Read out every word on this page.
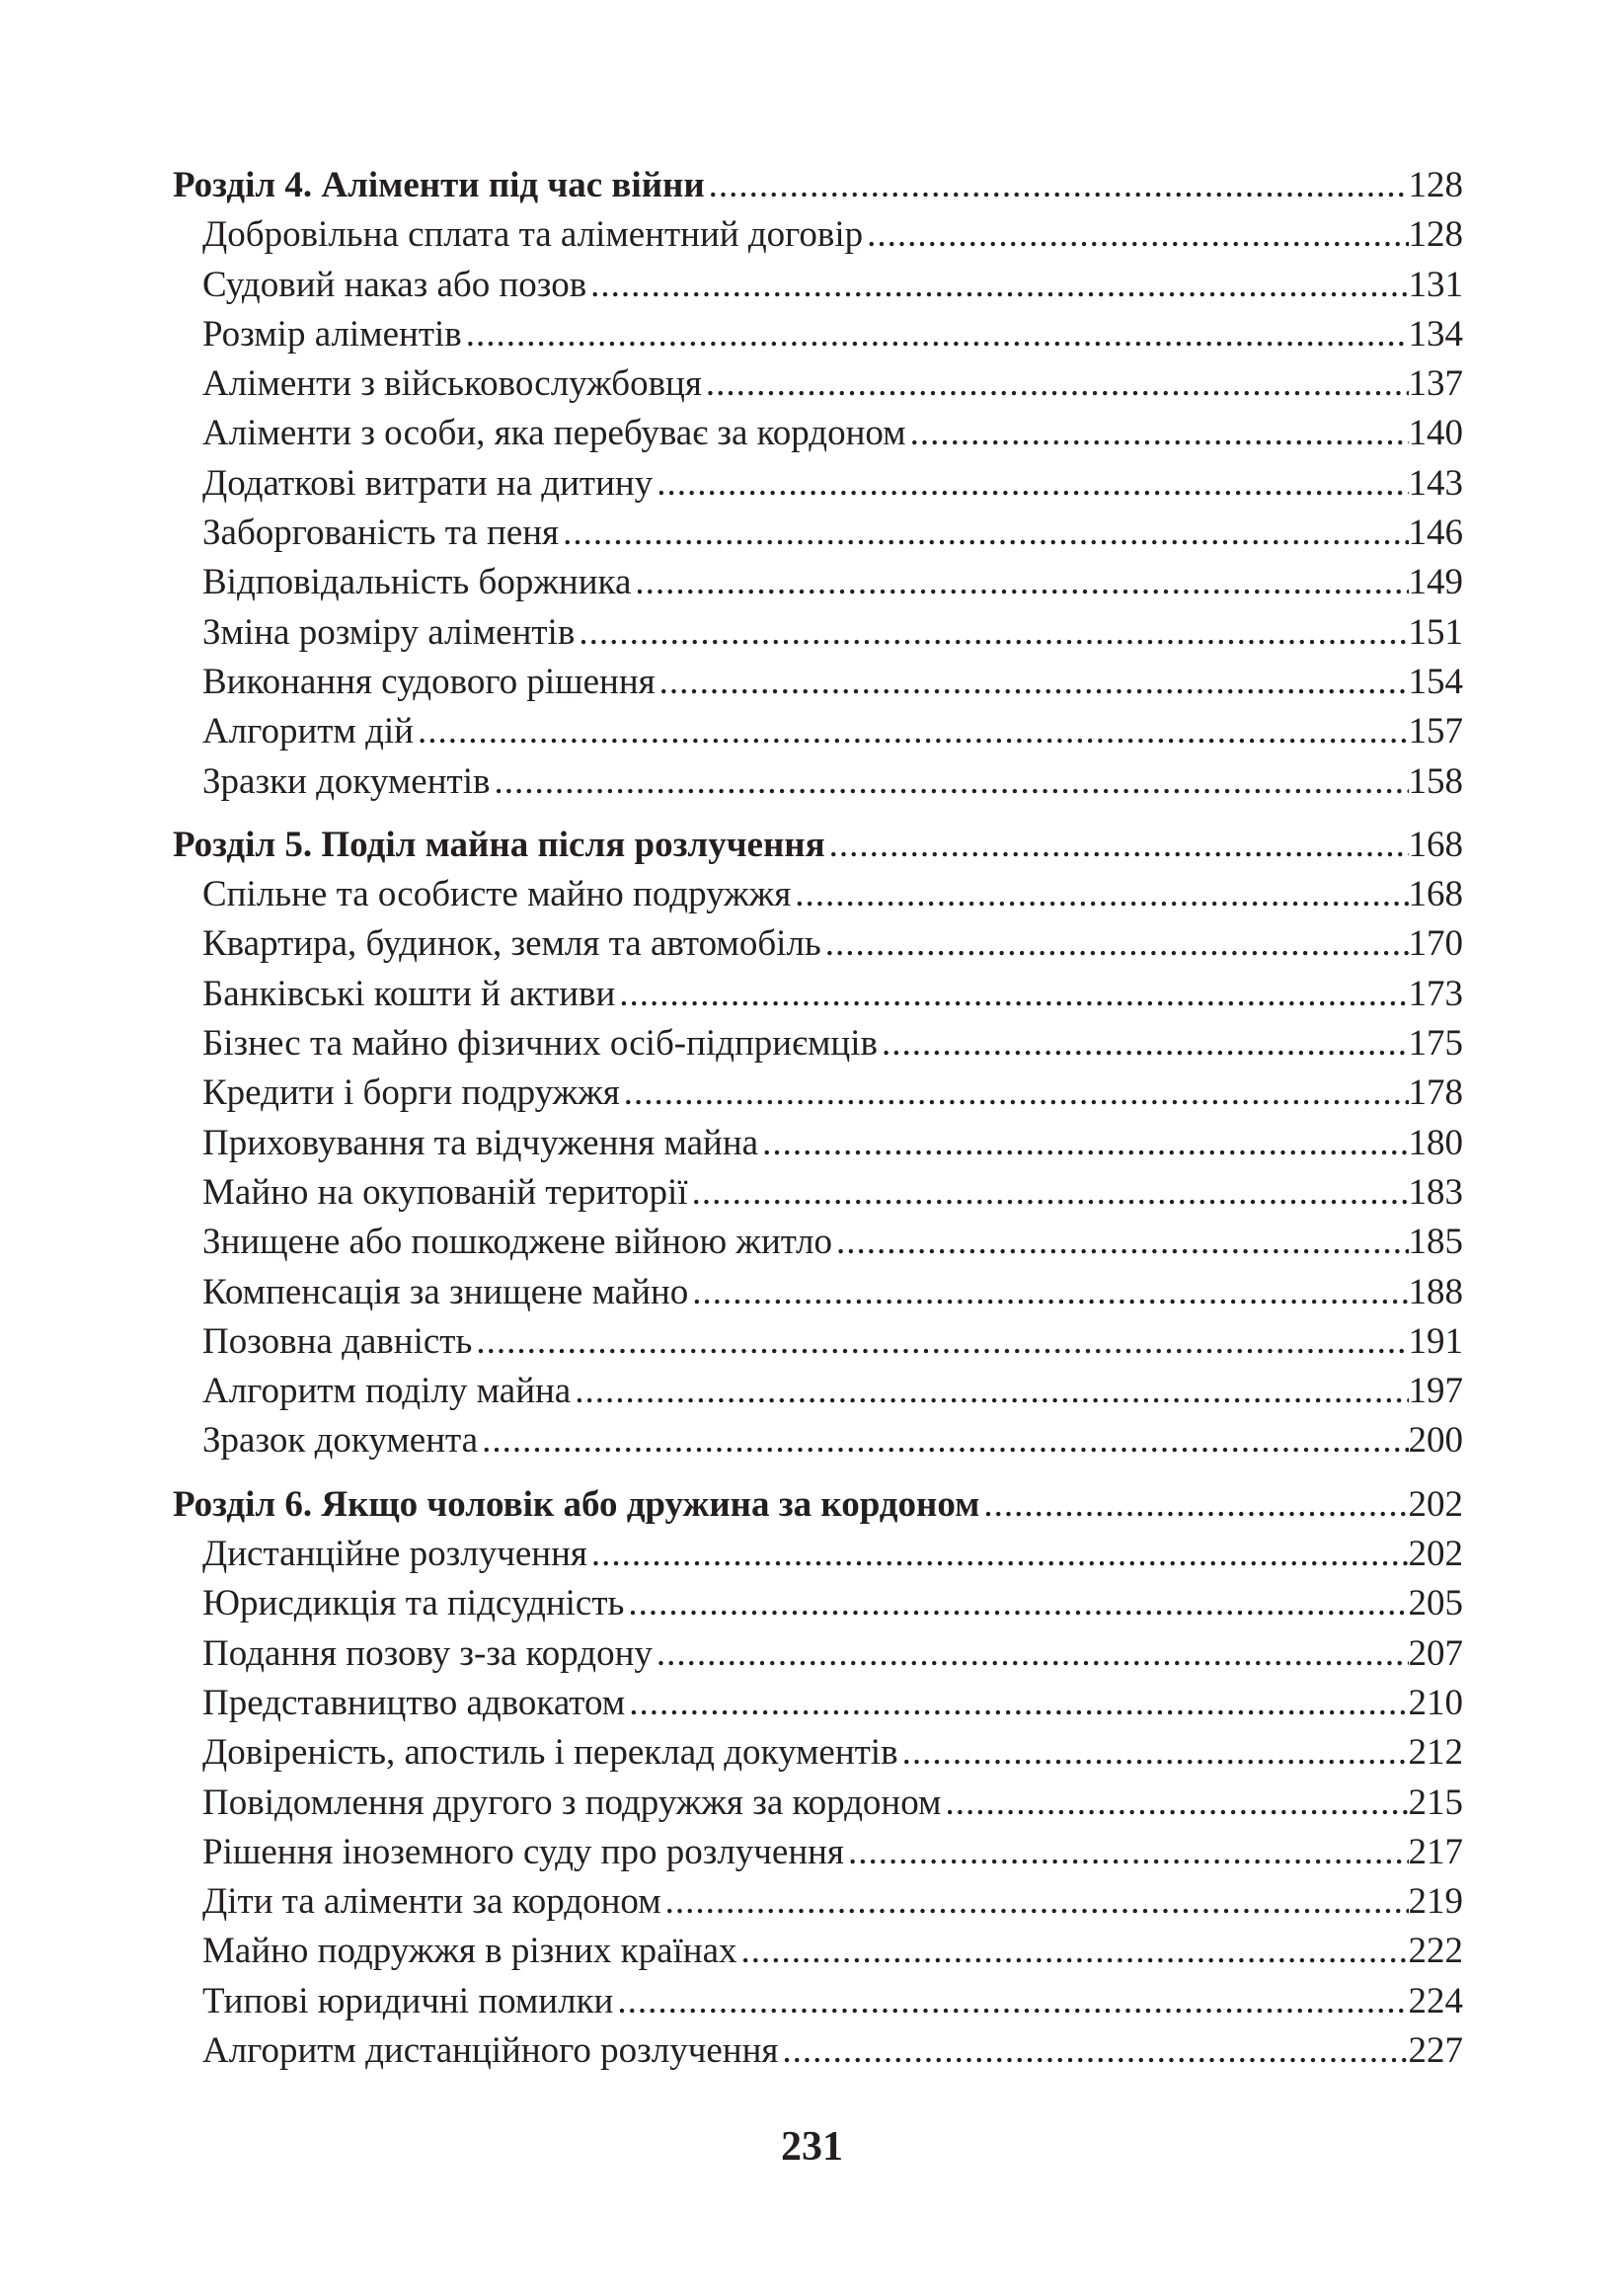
Розділ 4. Аліменти під час війни .....	128
Добровільна сплата та аліментний договір .....	128
Судовий наказ або позов .....	131
Розмір аліментів .....	134
Аліменти з військовослужбовця .....	137
Аліменти з особи, яка перебуває за кордоном .....	140
Додаткові витрати на дитину .....	143
Заборгованість та пеня .....	146
Відповідальність боржника .....	149
Зміна розміру аліментів .....	151
Виконання судового рішення .....	154
Алгоритм дій .....	157
Зразки документів .....	158
Розділ 5. Поділ майна після розлучення .....	168
Спільне та особисте майно подружжя .....	168
Квартира, будинок, земля та автомобіль .....	170
Банківські кошти й активи .....	173
Бізнес та майно фізичних осіб-підприємців .....	175
Кредити і борги подружжя .....	178
Приховування та відчуження майна .....	180
Майно на окупованій території .....	183
Знищене або пошкоджене війною житло .....	185
Компенсація за знищене майно .....	188
Позовна давність .....	191
Алгоритм поділу майна .....	197
Зразок документа .....	200
Розділ 6. Якщо чоловік або дружина за кордоном .....	202
Дистанційне розлучення .....	202
Юрисдикція та підсудність .....	205
Подання позову з-за кордону .....	207
Представництво адвокатом .....	210
Довіреність, апостиль і переклад документів .....	212
Повідомлення другого з подружжя за кордоном .....	215
Рішення іноземного суду про розлучення .....	217
Діти та аліменти за кордоном .....	219
Майно подружжя в різних країнах .....	222
Типові юридичні помилки .....	224
Алгоритм дистанційного розлучення .....	227
231
